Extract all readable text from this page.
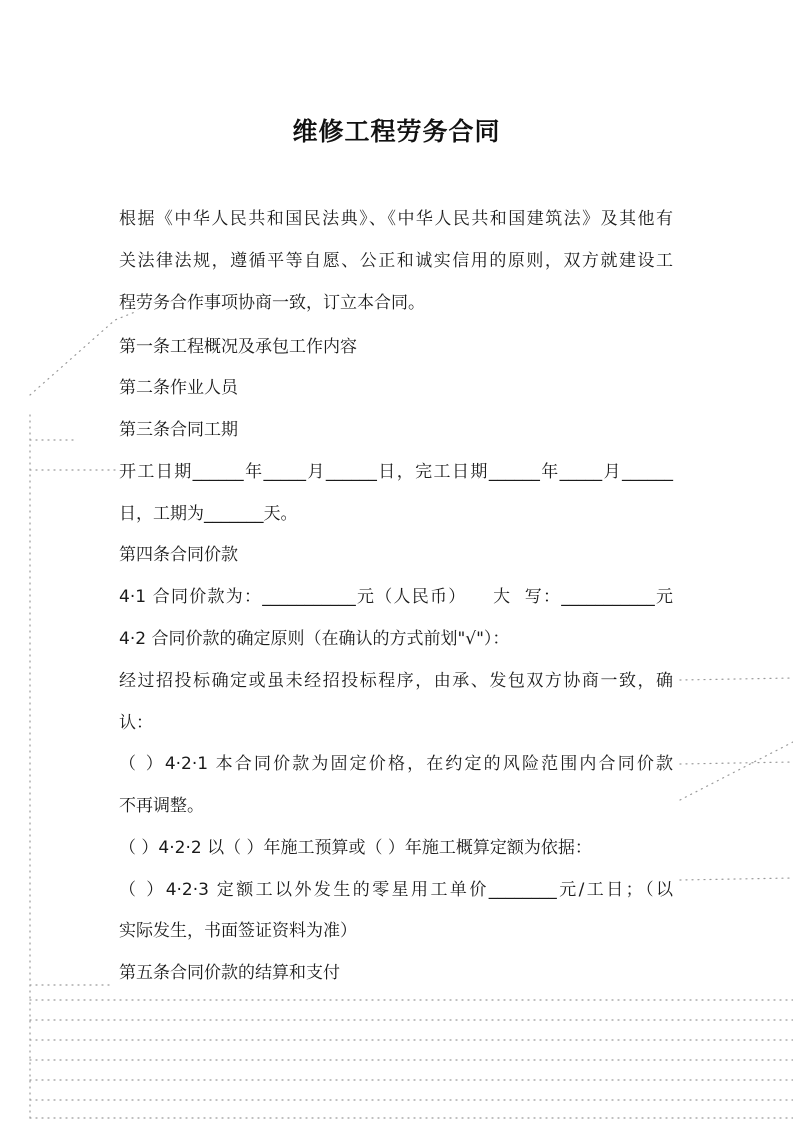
维修工程劳务合同
根据《中华人民共和国民法典》、《中华人民共和国建筑法》及其他有
关法律法规，遵循平等自愿、公正和诚实信用的原则，双方就建设工
程劳务合作事项协商一致，订立本合同。
第一条工程概况及承包工作内容
第二条作业人员
第三条合同工期
开工日期______年_____月______日，完工日期______年_____月______
日，工期为_______天。
第四条合同价款
4·1 合同价款为：___________元（人民币）    大  写：___________元
4·2 合同价款的确定原则（在确认的方式前划"√"）：
经过招投标确定或虽未经招投标程序，由承、发包双方协商一致，确
认：
（ ）4·2·1 本合同价款为固定价格，在约定的风险范围内合同价款
不再调整。
（ ）4·2·2 以（ ）年施工预算或（ ）年施工概算定额为依据：
（ ）4·2·3 定额工以外发生的零星用工单价________元/工日；（以
实际发生，书面签证资料为准）
第五条合同价款的结算和支付
